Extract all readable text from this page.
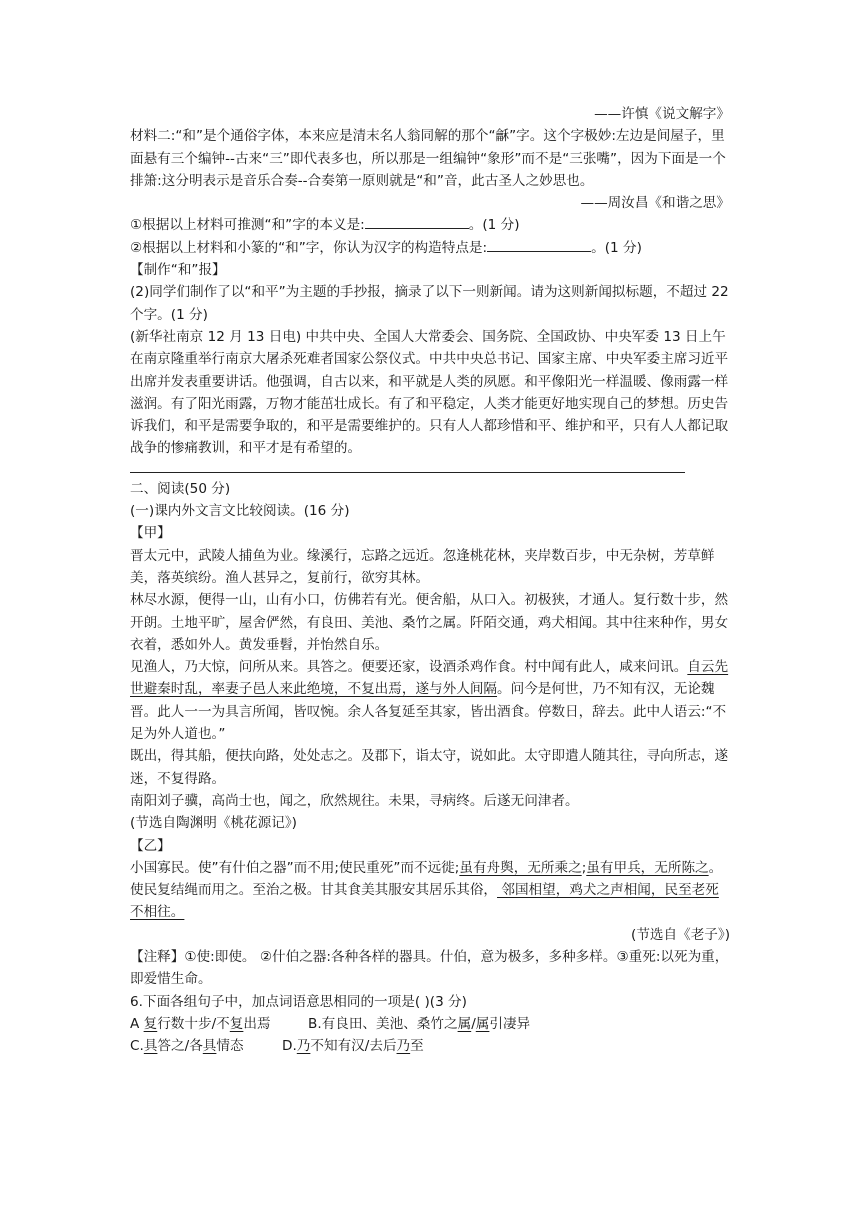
——许慎《说文解字》

材料二:“和”是个通俗字体，本来应是清末名人翁同解的那个“龢”字。这个字极妙:左边是间屋子，里面悬有三个编钟--古来“三”即代表多也，所以那是一组编钟“象形”而不是“三张嘴”，因为下面是一个排箫:这分明表示是音乐合奏--合奏第一原则就是“和”音，此古圣人之妙思也。

——周汝昌《和谐之思》

①根据以上材料可推测“和”字的本义是:	。(1 分)

②根据以上材料和小篆的“和”字，你认为汉字的构造特点是:	。(1 分)

【制作“和”报】

(2)同学们制作了以“和平”为主题的手抄报，摘录了以下一则新闻。请为这则新闻拟标题，不超过 22 个字。(1 分)

(新华社南京 12 月 13 日电) 中共中央、全国人大常委会、国务院、全国政协、中央军委 13 日上午在南京隆重举行南京大屠杀死难者国家公祭仪式。中共中央总书记、国家主席、中央军委主席习近平出席并发表重要讲话。他强调，自古以来，和平就是人类的夙愿。和平像阳光一样温暖、像雨露一样滋润。有了阳光雨露，万物才能茁壮成长。有了和平稳定，人类才能更好地实现自己的梦想。历史告诉我们，和平是需要争取的，和平是需要维护的。只有人人都珍惜和平、维护和平，只有人人都记取战争的惨痛教训，和平才是有希望的。

二、阅读(50 分)

(一)课内外文言文比较阅读。(16 分)

【甲】

晋太元中，武陵人捕鱼为业。缘溪行，忘路之远近。忽逢桃花林，夹岸数百步，中无杂树，芳草鲜美，落英缤纷。渔人甚异之，复前行，欲穷其林。

林尽水源，便得一山，山有小口，仿佛若有光。便舍船，从口入。初极狭，才通人。复行数十步，然开朗。土地平旷，屋舍俨然，有良田、美池、桑竹之属。阡陌交通，鸡犬相闻。其中往来种作，男女衣着，悉如外人。黄发垂髫，并怡然自乐。

见渔人，乃大惊，问所从来。具答之。便要还家，设酒杀鸡作食。村中闻有此人，咸来问讯。自云先世避秦时乱，率妻子邑人来此绝境，不复出焉，遂与外人间隔。问今是何世，乃不知有汉，无论魏晋。此人一一为具言所闻，皆叹惋。余人各复延至其家，皆出酒食。停数日，辞去。此中人语云:“不足为外人道也。”

既出，得其船，便扶向路，处处志之。及郡下，诣太守，说如此。太守即遣人随其往，寻向所志，遂迷，不复得路。

南阳刘子骥，高尚士也，闻之，欣然规往。未果，寻病终。后遂无问津者。

(节选自陶渊明《桃花源记》)

【乙】

小国寡民。使”有什伯之器”而不用;使民重死”而不远徙;虽有舟舆，无所乘之;虽有甲兵，无所陈之。使民复结绳而用之。至治之极。甘其食美其服安其居乐其俗， 邻国相望，鸡犬之声相闻，民至老死不相往。

(节选自《老子》)

【注释】①使:即使。 ②什伯之器:各种各样的器具。什伯，意为极多，多种多样。③重死:以死为重，即爱惜生命。

6.下面各组句子中，加点词语意思相同的一项是( )(3 分)

A 复行数十步/不复出焉	B.有良田、美池、桑竹之属/属引凄异

C.具答之/各具情态	D.乃不知有汉/去后乃至
